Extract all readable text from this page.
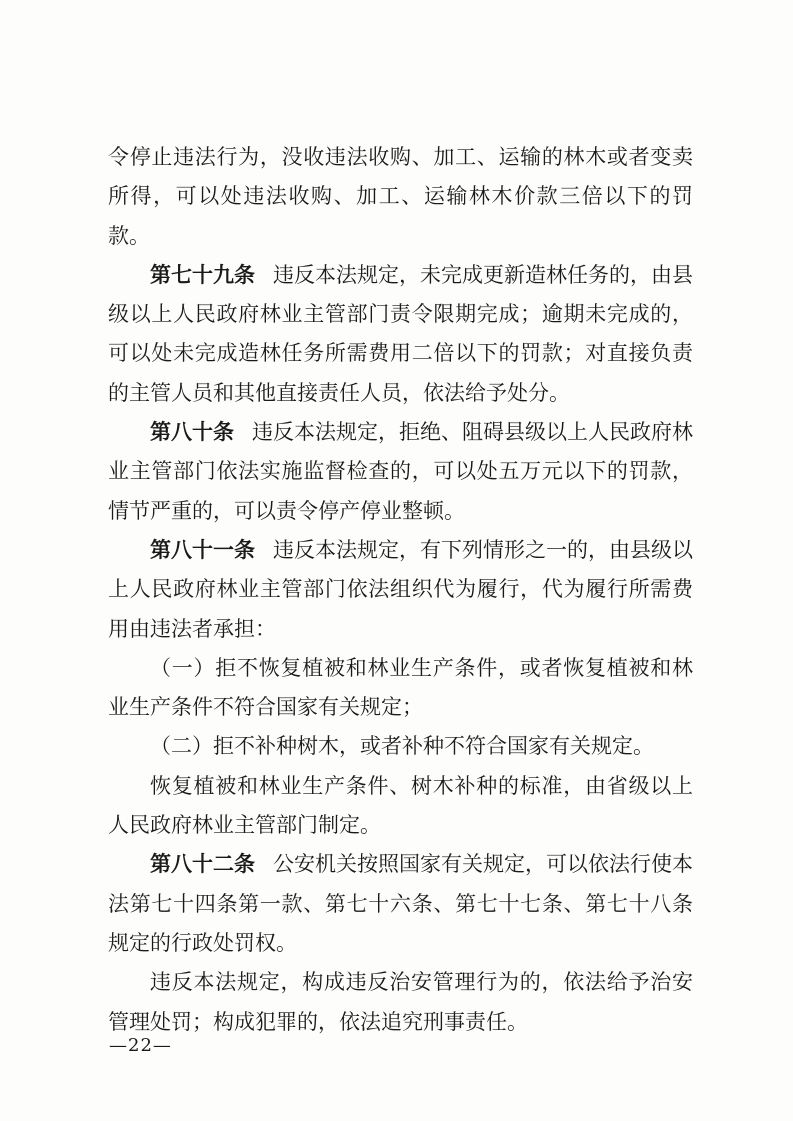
令停止违法行为，没收违法收购、加工、运输的林木或者变卖所得，可以处违法收购、加工、运输林木价款三倍以下的罚款。

第七十九条 违反本法规定，未完成更新造林任务的，由县级以上人民政府林业主管部门责令限期完成；逾期未完成的，可以处未完成造林任务所需费用二倍以下的罚款；对直接负责的主管人员和其他直接责任人员，依法给予处分。

第八十条 违反本法规定，拒绝、阻碍县级以上人民政府林业主管部门依法实施监督检查的，可以处五万元以下的罚款，情节严重的，可以责令停产停业整顿。

第八十一条 违反本法规定，有下列情形之一的，由县级以上人民政府林业主管部门依法组织代为履行，代为履行所需费用由违法者承担：

（一）拒不恢复植被和林业生产条件，或者恢复植被和林业生产条件不符合国家有关规定；

（二）拒不补种树木，或者补种不符合国家有关规定。

恢复植被和林业生产条件、树木补种的标准，由省级以上人民政府林业主管部门制定。

第八十二条 公安机关按照国家有关规定，可以依法行使本法第七十四条第一款、第七十六条、第七十七条、第七十八条规定的行政处罚权。

违反本法规定，构成违反治安管理行为的，依法给予治安管理处罚；构成犯罪的，依法追究刑事责任。

—22—
